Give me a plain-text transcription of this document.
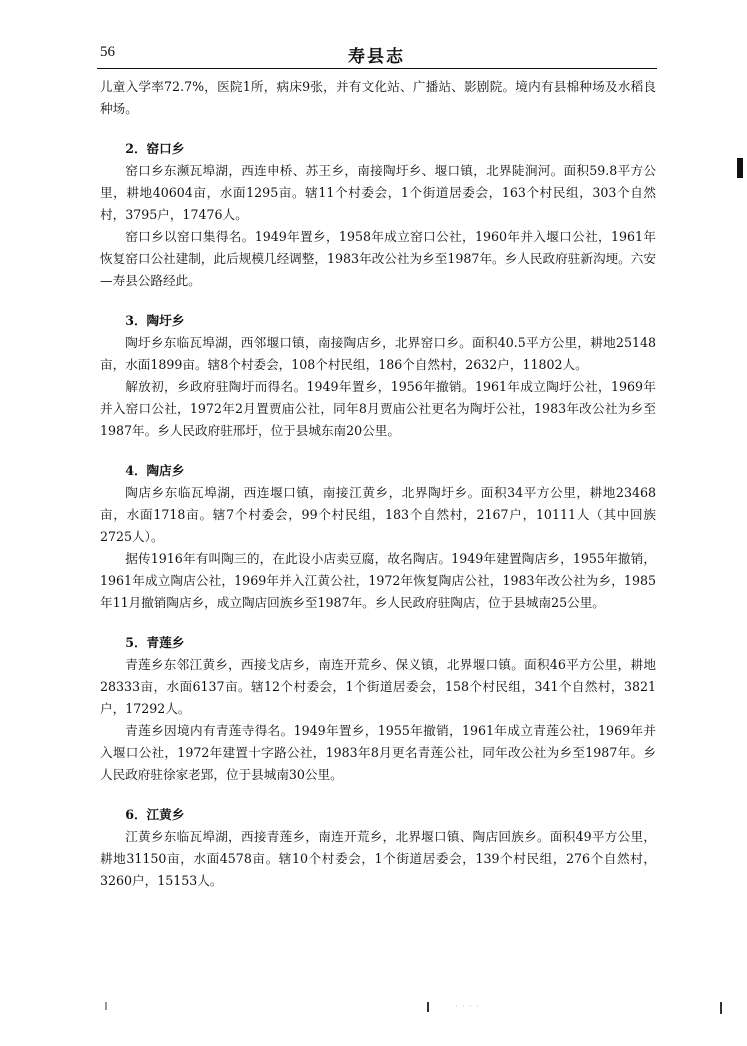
56	寿县志

儿童入学率72.7%，医院1所，病床9张，并有文化站、广播站、影剧院。境内有县棉种场及水稻良种场。

2．窑口乡

窑口乡东濒瓦埠湖，西连申桥、苏王乡，南接陶圩乡、堰口镇，北界陡涧河。面积59.8平方公里，耕地40604亩，水面1295亩。辖11个村委会，1个街道居委会，163个村民组，303个自然村，3795户，17476人。

窑口乡以窑口集得名。1949年置乡，1958年成立窑口公社，1960年并入堰口公社，1961年恢复窑口公社建制，此后规模几经调整，1983年改公社为乡至1987年。乡人民政府驻新沟埂。六安—寿县公路经此。

3．陶圩乡

陶圩乡东临瓦埠湖，西邻堰口镇，南接陶店乡，北界窑口乡。面积40.5平方公里，耕地25148亩，水面1899亩。辖8个村委会，108个村民组，186个自然村，2632户，11802人。

解放初，乡政府驻陶圩而得名。1949年置乡，1956年撤销。1961年成立陶圩公社，1969年并入窑口公社，1972年2月置贾庙公社，同年8月贾庙公社更名为陶圩公社，1983年改公社为乡至1987年。乡人民政府驻邢圩，位于县城东南20公里。

4．陶店乡

陶店乡东临瓦埠湖，西连堰口镇，南接江黄乡，北界陶圩乡。面积34平方公里，耕地23468亩，水面1718亩。辖7个村委会，99个村民组，183个自然村，2167户，10111人（其中回族2725人）。

据传1916年有叫陶三的，在此设小店卖豆腐，故名陶店。1949年建置陶店乡，1955年撤销，1961年成立陶店公社，1969年并入江黄公社，1972年恢复陶店公社，1983年改公社为乡，1985年11月撤销陶店乡，成立陶店回族乡至1987年。乡人民政府驻陶店，位于县城南25公里。

5．青莲乡

青莲乡东邻江黄乡，西接戈店乡，南连开荒乡、保义镇，北界堰口镇。面积46平方公里，耕地28333亩，水面6137亩。辖12个村委会，1个街道居委会，158个村民组，341个自然村，3821户，17292人。

青莲乡因境内有青莲寺得名。1949年置乡，1955年撤销，1961年成立青莲公社，1969年并入堰口公社，1972年建置十字路公社，1983年8月更名青莲公社，同年改公社为乡至1987年。乡人民政府驻徐家老郢，位于县城南30公里。

6．江黄乡

江黄乡东临瓦埠湖，西接青莲乡，南连开荒乡，北界堰口镇、陶店回族乡。面积49平方公里，耕地31150亩，水面4578亩。辖10个村委会，1个街道居委会，139个村民组，276个自然村，3260户，15153人。

· · · ·
